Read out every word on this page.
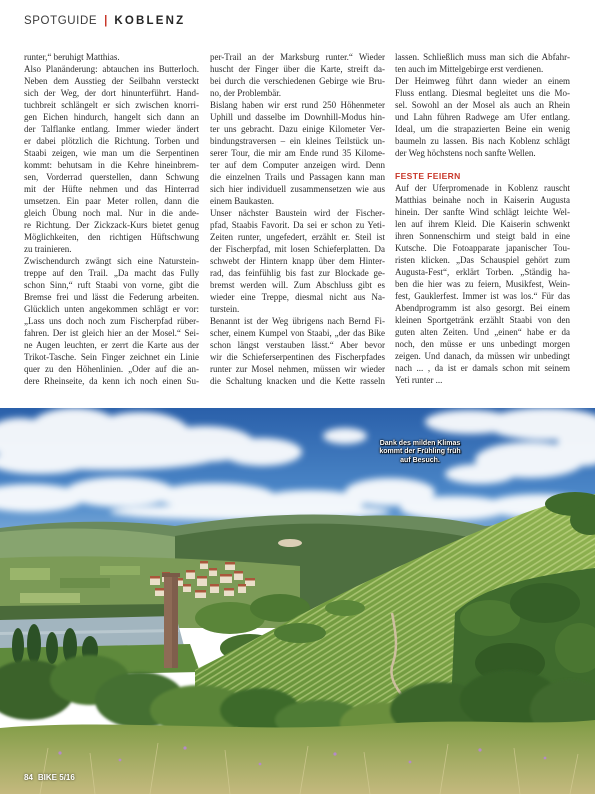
SPOTGUIDE | KOBLENZ
runter,“ beruhigt Matthias.
Also Planänderung: abtauchen ins Butterloch.
Neben dem Ausstieg der Seilbahn versteckt
sich der Weg, der dort hinunterführt. Hand-
tuchbreit schlängelt er sich zwischen knorri-
gen Eichen hindurch, hangelt sich dann an
der Talflanke entlang. Immer wieder ändert
er dabei plötzlich die Richtung. Torben und
Staabi zeigen, wie man um die Serpentinen
kommt: behutsam in die Kehre hineinbrem-
sen, Vorderrad querstellen, dann Schwung
mit der Hüfte nehmen und das Hinterrad
umsetzen. Ein paar Meter rollen, dann die
gleich Übung noch mal. Nur in die ande-
re Richtung. Der Zickzack-Kurs bietet genug
Möglichkeiten, den richtigen Hüftschwung
zu trainieren.
Zwischendurch zwängt sich eine Naturstein-
treppe auf den Trail. „Da macht das Fully
schon Sinn,“ ruft Staabi von vorne, gibt die
Bremse frei und lässt die Federung arbeiten.
Glücklich unten angekommen schlägt er vor:
„Lass uns doch noch zum Fischerpfad rüber-
fahren. Der ist gleich hier an der Mosel.“ Sei-
ne Augen leuchten, er zerrt die Karte aus der
Trikot-Tasche. Sein Finger zeichnet ein Linie
quer zu den Höhenlinien. „Oder auf die an-
dere Rheinseite, da kenn ich noch einen Su-
per-Trail an der Marksburg runter.“ Wieder
huscht der Finger über die Karte, streift da-
bei durch die verschiedenen Gebirge wie Bru-
no, der Problembär.
Bislang haben wir erst rund 250 Höhenmeter
Uphill und dasselbe im Downhill-Modus hin-
ter uns gebracht. Dazu einige Kilometer Ver-
bindungstraversen – ein kleines Teilstück un-
serer Tour, die mir am Ende rund 35 Kilome-
ter auf dem Computer anzeigen wird. Denn
die einzelnen Trails und Passagen kann man
sich hier individuell zusammensetzen wie aus
einem Baukasten.
Unser nächster Baustein wird der Fischer-
pfad, Staabis Favorit. Da sei er schon zu Yeti-
Zeiten runter, ungefedert, erzählt er. Steil ist
der Fischerpfad, mit losen Schieferplatten. Da
schwebt der Hintern knapp über dem Hinter-
rad, das feinfühlig bis fast zur Blockade ge-
bremst werden will. Zum Abschluss gibt es
wieder eine Treppe, diesmal nicht aus Na-
turstein.
Benannt ist der Weg übrigens nach Bernd Fi-
scher, einem Kumpel von Staabi, „der das Bike
schon längst verstauben lässt.“ Aber bevor
wir die Schieferserpentinen des Fischerpfades
runter zur Mosel nehmen, müssen wir wieder
die Schaltung knacken und die Kette rasseln
lassen. Schließlich muss man sich die Abfahr-
ten auch im Mittelgebirge erst verdienen.
Der Heimweg führt dann wieder an einem
Fluss entlang. Diesmal begleitet uns die Mo-
sel. Sowohl an der Mosel als auch an Rhein
und Lahn führen Radwege am Ufer entlang.
Ideal, um die strapazierten Beine ein wenig
baumeln zu lassen. Bis nach Koblenz schlägt
der Weg höchstens noch sanfte Wellen.
FESTE FEIERN
Auf der Uferpromenade in Koblenz rauscht
Matthias beinahe noch in Kaiserin Augusta
hinein. Der sanfte Wind schlägt leichte Wel-
len auf ihrem Kleid. Die Kaiserin schwenkt
ihren Sonnenschirm und steigt bald in eine
Kutsche. Die Fotoapparate japanischer Tou-
risten klicken. „Das Schauspiel gehört zum
Augusta-Fest“, erklärt Torben. „Ständig ha-
ben die hier was zu feiern, Musikfest, Wein-
fest, Gauklerfest. Immer ist was los.“ Für das
Abendprogramm ist also gesorgt. Bei einem
kleinen Sportgetränk erzählt Staabi von den
guten alten Zeiten. Und „einen“ habe er da
noch, den müsse er uns unbedingt morgen
zeigen. Und danach, da müssen wir unbedingt
nach ... , da ist er damals schon mit seinem
Yeti runter ...
Dank des milden Klimas kommt der Frühling früh auf Besuch.
84 BIKE 5/16
